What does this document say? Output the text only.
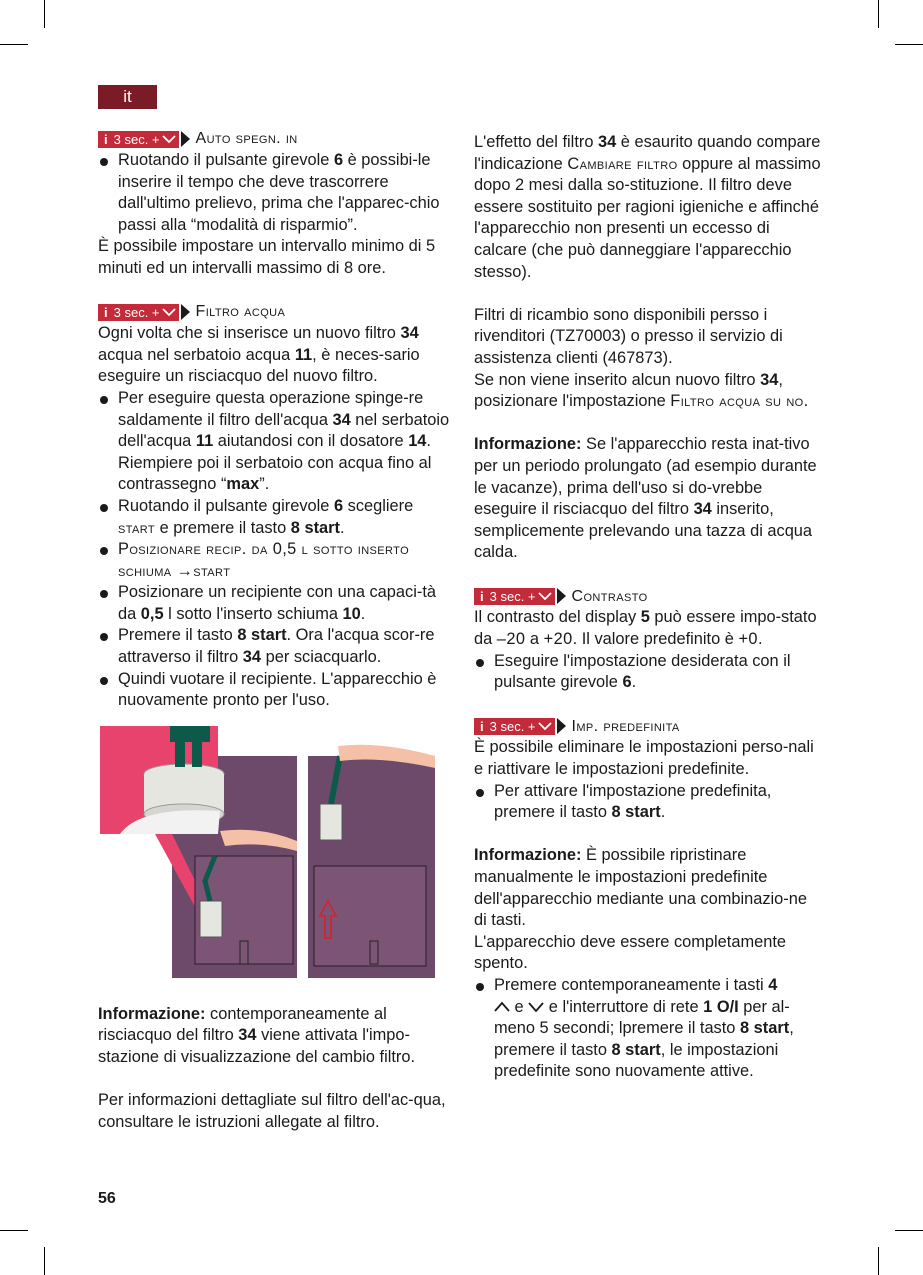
it
i 3 sec. + Auto spegn. in
Ruotando il pulsante girevole 6 è possibi-le inserire il tempo che deve trascorrere dall'ultimo prelievo, prima che l'apparec-chio passi alla “modalità di risparmio”.

È possibile impostare un intervallo minimo di 5 minuti ed un intervalli massimo di 8 ore.

i 3 sec. + Filtro acqua

Ogni volta che si inserisce un nuovo filtro 34 acqua nel serbatoio acqua 11, è neces-sario eseguire un risciacquo del nuovo filtro.

Per eseguire questa operazione spinge-re saldamente il filtro dell'acqua 34 nel serbatoio dell'acqua 11 aiutandosi con il dosatore 14. Riempiere poi il serbatoio con acqua fino al contrassegno “max”.
Ruotando il pulsante girevole 6 scegliere start e premere il tasto 8 start.
Posizionare recip. da 0,5 l sotto inserto schiuma →start
Posizionare un recipiente con una capaci-tà da 0,5 l sotto l'inserto schiuma 10.
Premere il tasto 8 start. Ora l'acqua scor-re attraverso il filtro 34 per sciacquarlo.
Quindi vuotare il recipiente. L'apparecchio è nuovamente pronto per l'uso.

Informazione: contemporaneamente al risciacquo del filtro 34 viene attivata l'impo-stazione di visualizzazione del cambio filtro.

Per informazioni dettagliate sul filtro dell'ac-qua, consultare le istruzioni allegate al filtro.

L'effetto del filtro 34 è esaurito quando compare l'indicazione Cambiare filtro oppure al massimo dopo 2 mesi dalla so-stituzione. Il filtro deve essere sostituito per ragioni igieniche e affinché l'apparecchio non presenti un eccesso di calcare (che può danneggiare l'apparecchio stesso).

Filtri di ricambio sono disponibili persso i rivenditori (TZ70003) o presso il servizio di assistenza clienti (467873).

Se non viene inserito alcun nuovo filtro 34, posizionare l'impostazione Filtro acqua su no.

Informazione: Se l'apparecchio resta inat-tivo per un periodo prolungato (ad esempio durante le vacanze), prima dell'uso si do-vrebbe eseguire il risciacquo del filtro 34 inserito, semplicemente prelevando una tazza di acqua calda.

i 3 sec. + Contrasto

Il contrasto del display 5 può essere impo-stato da –20 a +20. Il valore predefinito è +0.

Eseguire l'impostazione desiderata con il pulsante girevole 6.
i 3 sec. + Imp. predefinita

È possibile eliminare le impostazioni perso-nali e riattivare le impostazioni predefinite.

Per attivare l'impostazione predefinita, premere il tasto 8 start.

Informazione: È possibile ripristinare manualmente le impostazioni predefinite dell'apparecchio mediante una combinazio-ne di tasti.

L'apparecchio deve essere completamente spento.

Premere contemporaneamente i tasti 4
e  e l'interruttore di rete 1 O/I per al-meno 5 secondi; lpremere il tasto 8 start, premere il tasto 8 start, le impostazioni predefinite sono nuovamente attive.
56
